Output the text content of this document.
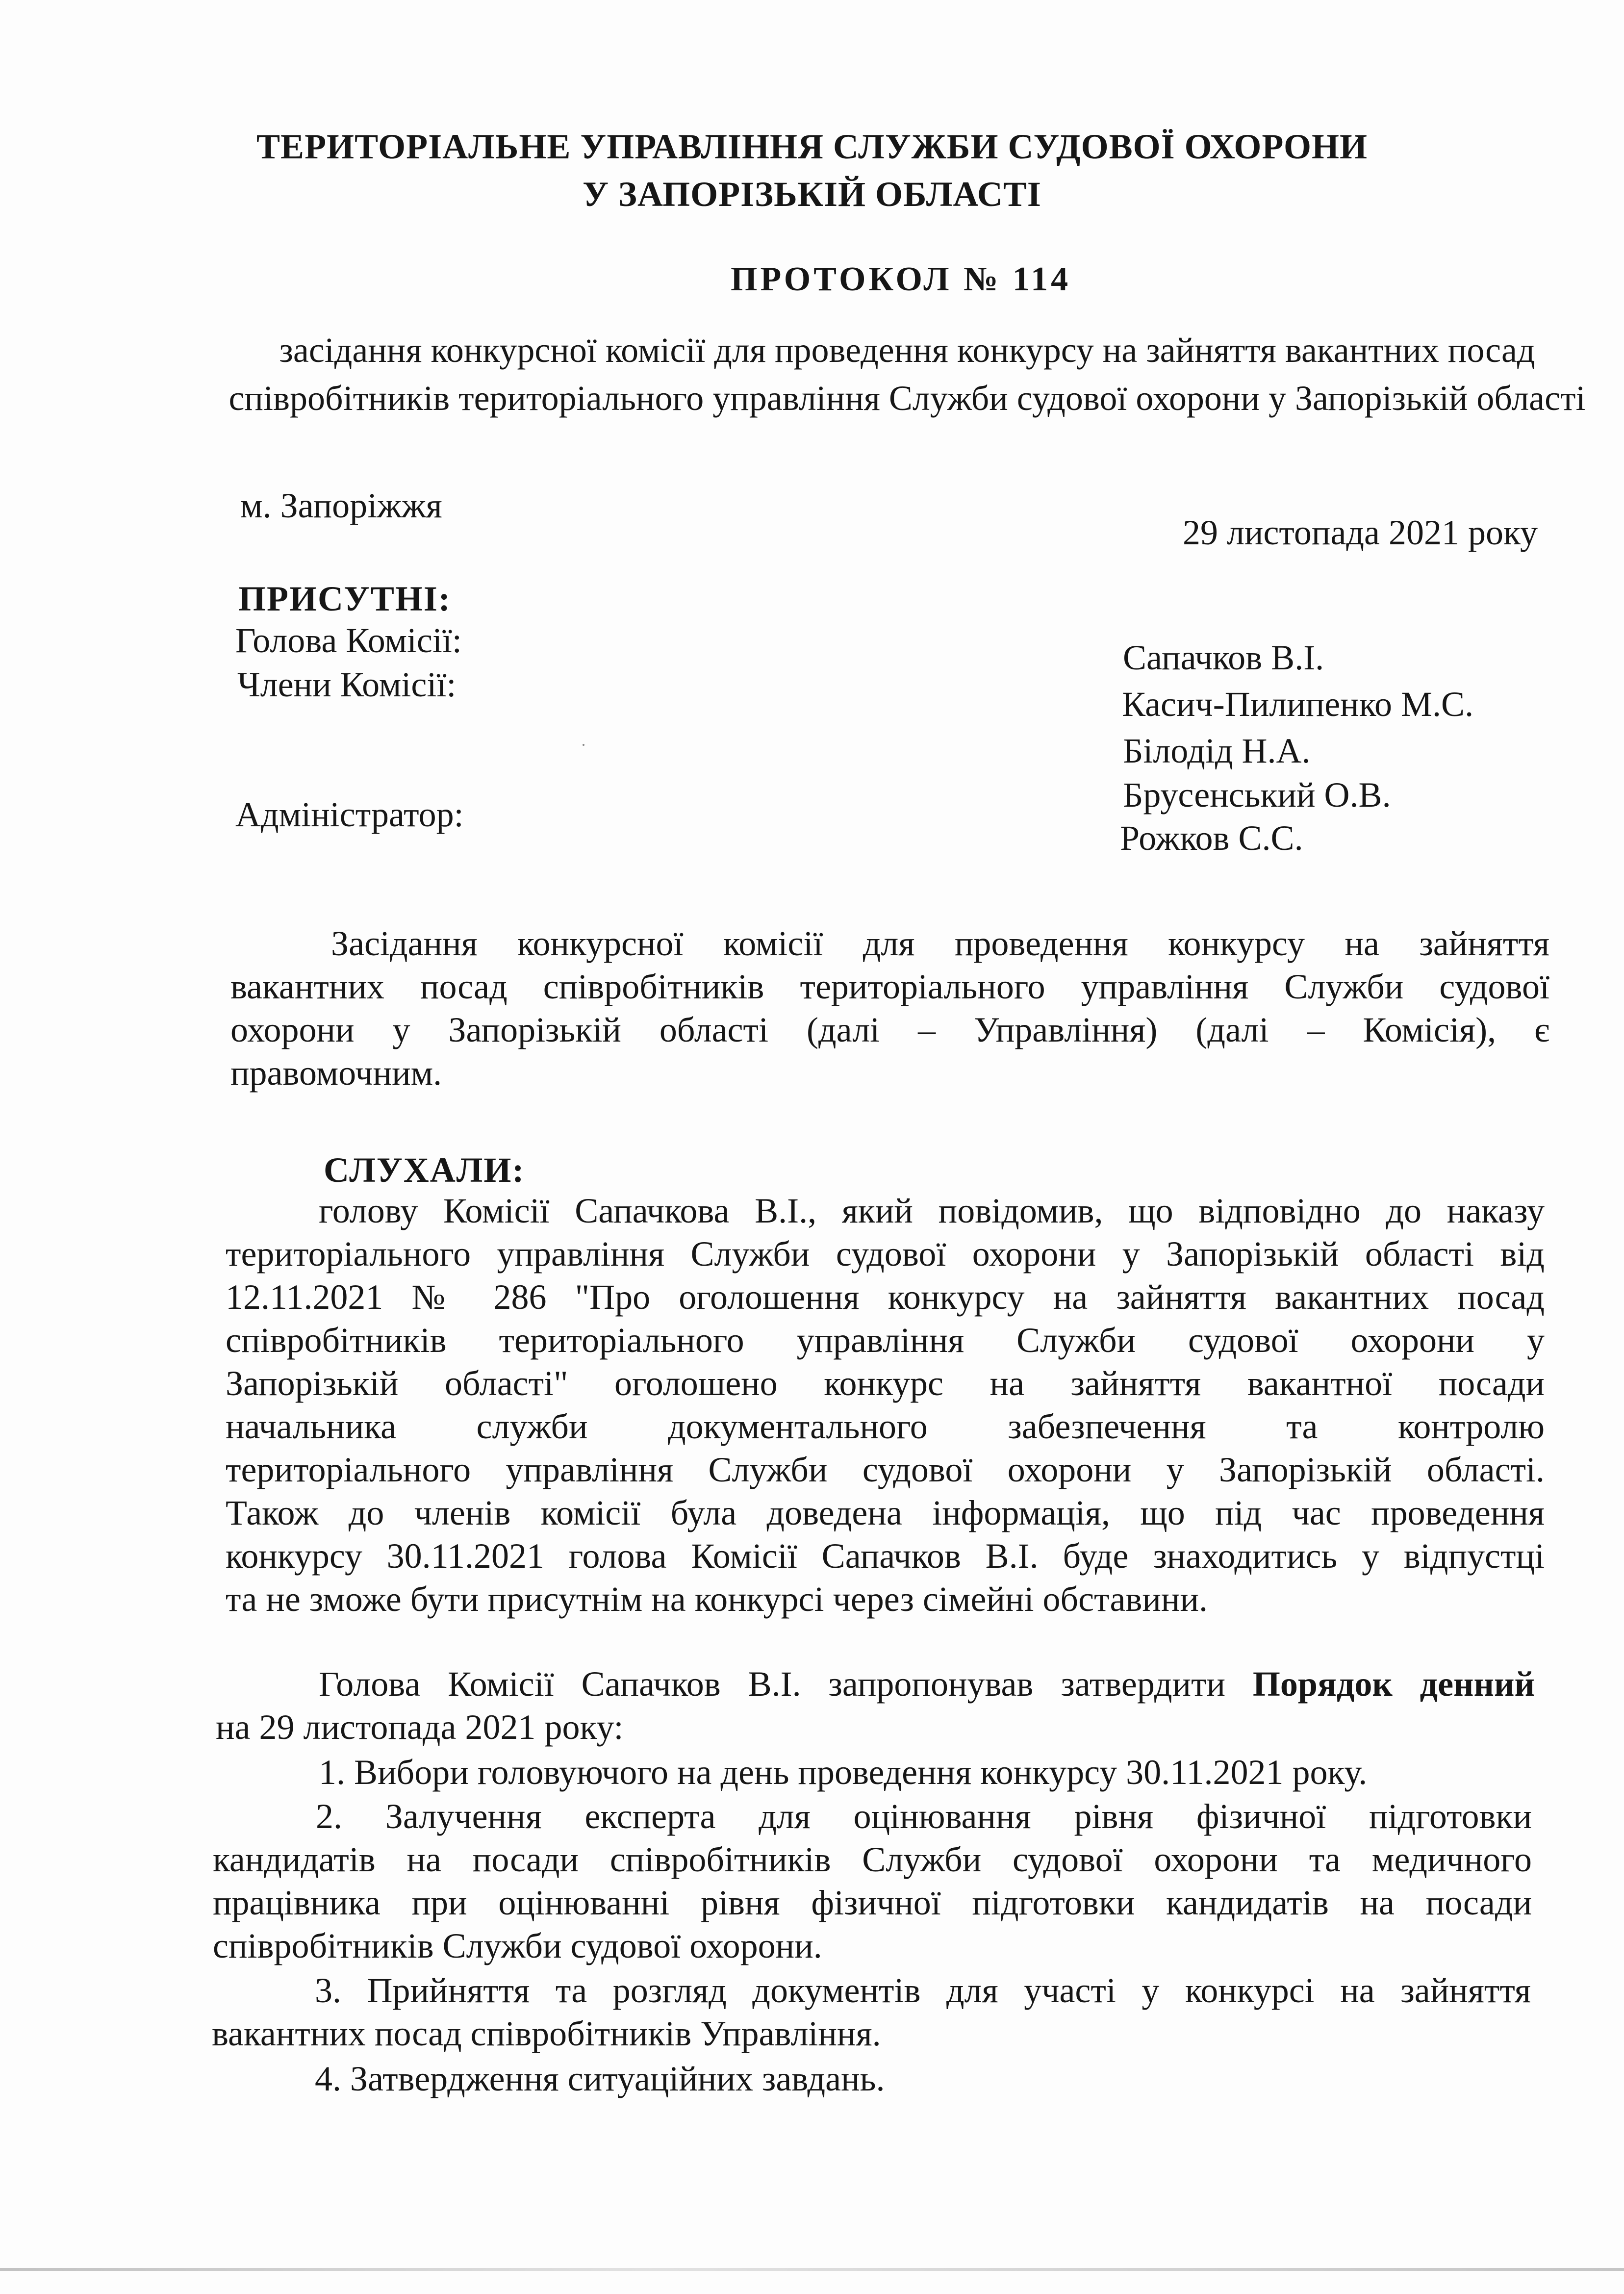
ТЕРИТОРІАЛЬНЕ УПРАВЛІННЯ СЛУЖБИ СУДОВОЇ ОХОРОНИ
У ЗАПОРІЗЬКІЙ ОБЛАСТІ
ПРОТОКОЛ № 114
засідання конкурсної комісії для проведення конкурсу на зайняття вакантних посад співробітників територіального управління Служби судової охорони у Запорізькій області
м. Запоріжжя
29 листопада 2021 року
ПРИСУТНІ:
Голова Комісії:
Члени Комісії:
Адміністратор:
Сапачков В.І.
Касич-Пилипенко М.С.
Білодід Н.А.
Брусенський О.В.
Рожков С.С.
Засідання конкурсної комісії для проведення конкурсу на зайняття
вакантних посад співробітників територіального управління Служби судової
охорони у Запорізькій області (далі – Управління) (далі – Комісія), є
правомочним.
СЛУХАЛИ:
голову Комісії Сапачкова В.І., який повідомив, що відповідно до наказу
територіального управління Служби судової охорони у Запорізькій області від
12.11.2021 № 286 "Про оголошення конкурсу на зайняття вакантних посад
співробітників територіального управління Служби судової охорони у
Запорізькій області" оголошено конкурс на зайняття вакантної посади
начальника служби документального забезпечення та контролю
територіального управління Служби судової охорони у Запорізькій області.
Також до членів комісії була доведена інформація, що під час проведення
конкурсу 30.11.2021 голова Комісії Сапачков В.І. буде знаходитись у відпустці
та не зможе бути присутнім на конкурсі через сімейні обставини.
Голова Комісії Сапачков В.І. запропонував затвердити Порядок денний
на 29 листопада 2021 року:
1. Вибори головуючого на день проведення конкурсу 30.11.2021 року.
2. Залучення експерта для оцінювання рівня фізичної підготовки
кандидатів на посади співробітників Служби судової охорони та медичного
працівника при оцінюванні рівня фізичної підготовки кандидатів на посади
співробітників Служби судової охорони.
3. Прийняття та розгляд документів для участі у конкурсі на зайняття
вакантних посад співробітників Управління.
4. Затвердження ситуаційних завдань.
